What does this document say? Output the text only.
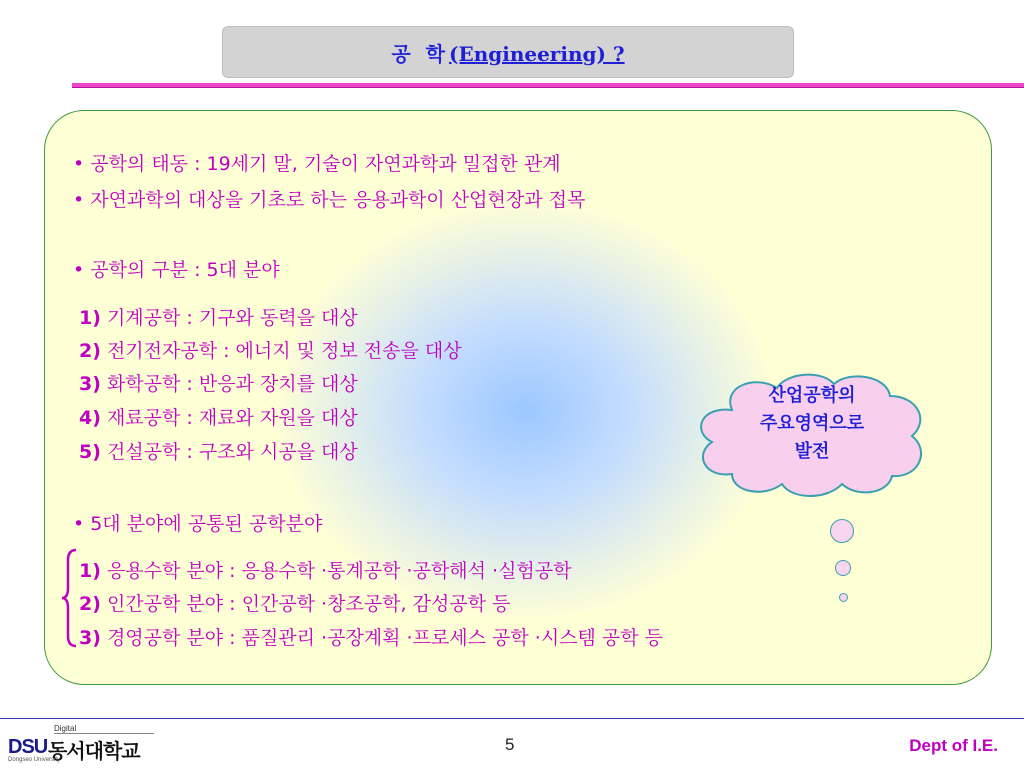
공 학(Engineering) ?
• 공학의 태동 : 19세기 말, 기술이 자연과학과 밀접한 관계
• 자연과학의 대상을 기초로 하는 응용과학이 산업현장과 접목
• 공학의 구분 : 5대 분야
1) 기계공학 : 기구와 동력을 대상
2) 전기전자공학 : 에너지 및 정보 전송을 대상
3) 화학공학 : 반응과 장치를 대상
4) 재료공학 : 재료와 자원을 대상
5) 건설공학 : 구조와 시공을 대상
• 5대 분야에 공통된 공학분야
1) 응용수학 분야 : 응용수학 ·통계공학 ·공학해석 ·실험공학
2) 인간공학 분야 : 인간공학 ·창조공학, 감성공학 등
3) 경영공학 분야 : 품질관리 ·공장계획 ·프로세스 공학 ·시스템 공학 등
산업공학의
주요영역으로
발전
Digital
DSU 동서대학교
Dongseo University
5	Dept of I.E.
